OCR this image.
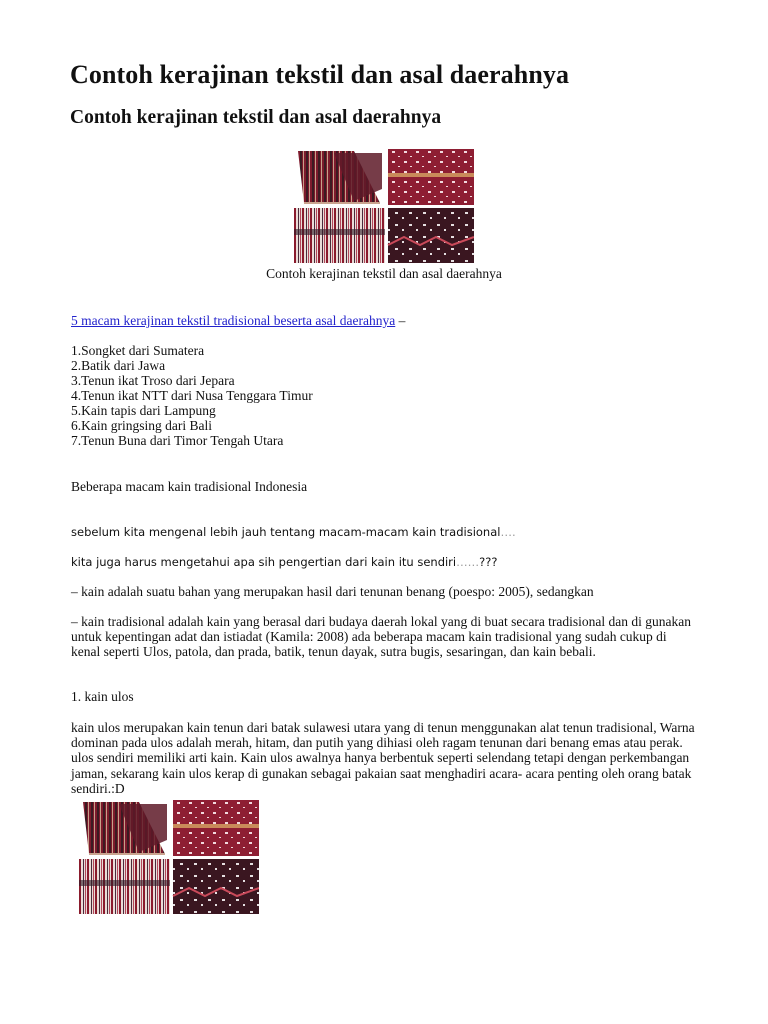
Contoh kerajinan tekstil dan asal daerahnya
Contoh kerajinan tekstil dan asal daerahnya
Contoh kerajinan tekstil dan asal daerahnya
5 macam kerajinan tekstil tradisional beserta asal daerahnya –
1.Songket dari Sumatera
2.Batik dari Jawa
3.Tenun ikat Troso dari Jepara
4.Tenun ikat NTT dari Nusa Tenggara Timur
5.Kain tapis dari Lampung
6.Kain gringsing dari Bali
7.Tenun Buna dari Timor Tengah Utara
Beberapa macam kain tradisional Indonesia
sebelum kita mengenal lebih jauh tentang macam-macam kain tradisional….
kita juga harus mengetahui apa sih pengertian dari kain itu sendiri……???
– kain adalah suatu bahan yang merupakan hasil dari tenunan benang (poespo: 2005), sedangkan
– kain tradisional adalah kain yang berasal dari budaya daerah lokal yang di buat secara tradisional dan di gunakan untuk kepentingan adat dan istiadat (Kamila: 2008) ada beberapa macam kain tradisional yang sudah cukup di kenal seperti Ulos, patola, dan prada, batik, tenun dayak, sutra bugis, sesaringan, dan kain bebali.
1. kain ulos
kain ulos merupakan kain tenun dari batak sulawesi utara yang di tenun menggunakan alat tenun tradisional, Warna dominan pada ulos adalah merah, hitam, dan putih yang dihiasi oleh ragam tenunan dari benang emas atau perak. ulos sendiri memiliki arti kain. Kain ulos awalnya hanya berbentuk seperti selendang tetapi dengan perkembangan jaman, sekarang kain ulos kerap di gunakan sebagai pakaian saat menghadiri acara- acara penting oleh orang batak sendiri.:D
